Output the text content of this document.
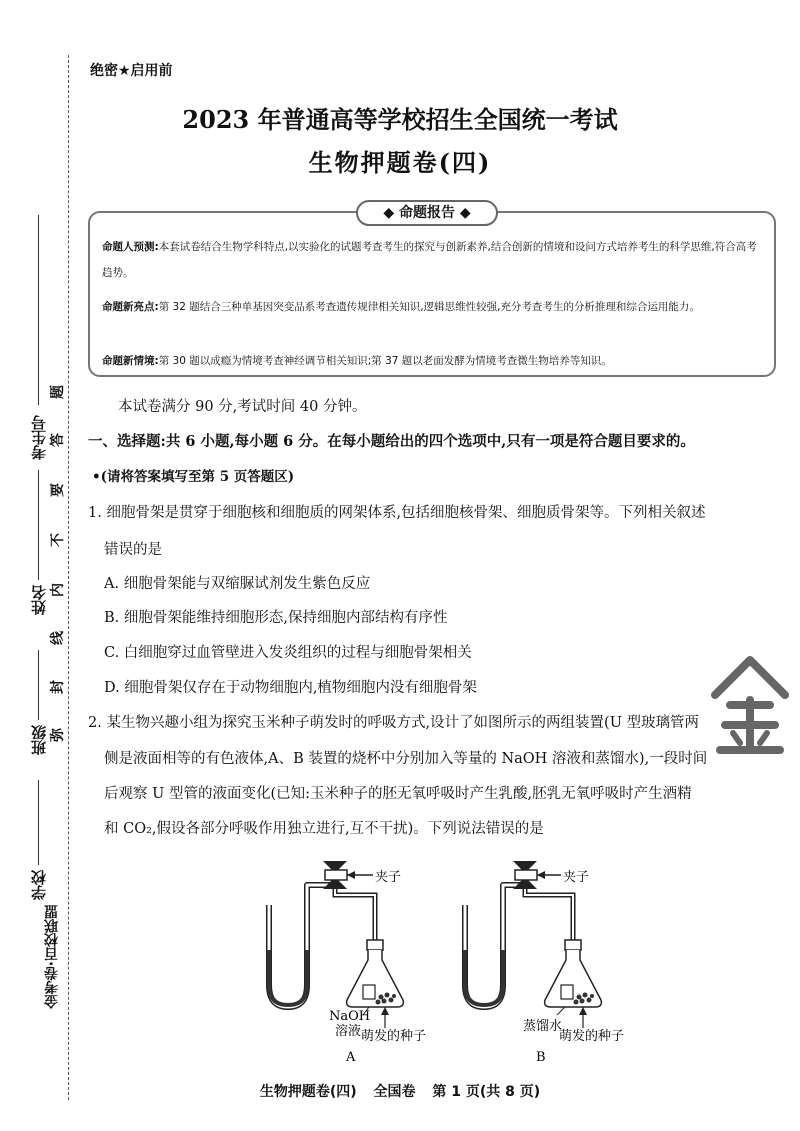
考生号
姓名
班级
学校
金考卷·百校联盟
题
答
要
不
内
线
封
弥
绝密★启用前
2023 年普通高等学校招生全国统一考试
生物押题卷(四)
◆ 命题报告 ◆
命题人预测:本套试卷结合生物学科特点,以实验化的试题考查考生的探究与创新素养,结合创新的情境和设问方式培养考生的科学思维,符合高考趋势。
命题新亮点:第 32 题结合三种单基因突变品系考查遗传规律相关知识,逻辑思维性较强,充分考查考生的分析推理和综合运用能力。
命题新情境:第 30 题以成瘾为情境考查神经调节相关知识;第 37 题以老面发酵为情境考查微生物培养等知识。
本试卷满分 90 分,考试时间 40 分钟。
一、选择题:共 6 小题,每小题 6 分。在每小题给出的四个选项中,只有一项是符合题目要求的。
•(请将答案填写至第 5 页答题区)
1. 细胞骨架是贯穿于细胞核和细胞质的网架体系,包括细胞核骨架、细胞质骨架等。下列相关叙述
错误的是
A. 细胞骨架能与双缩脲试剂发生紫色反应
B. 细胞骨架能维持细胞形态,保持细胞内部结构有序性
C. 白细胞穿过血管壁进入发炎组织的过程与细胞骨架相关
D. 细胞骨架仅存在于动物细胞内,植物细胞内没有细胞骨架
2. 某生物兴趣小组为探究玉米种子萌发时的呼吸方式,设计了如图所示的两组装置(U 型玻璃管两
侧是液面相等的有色液体,A、B 装置的烧杯中分别加入等量的 NaOH 溶液和蒸馏水),一段时间
后观察 U 型管的液面变化(已知:玉米种子的胚无氧呼吸时产生乳酸,胚乳无氧呼吸时产生酒精
和 CO₂,假设各部分呼吸作用独立进行,互不干扰)。下列说法错误的是
夹子	夹子
NaOH
溶液 萌发的种子
A
蒸馏水
萌发的种子
B
生物押题卷(四) 全国卷 第 1 页(共 8 页)
